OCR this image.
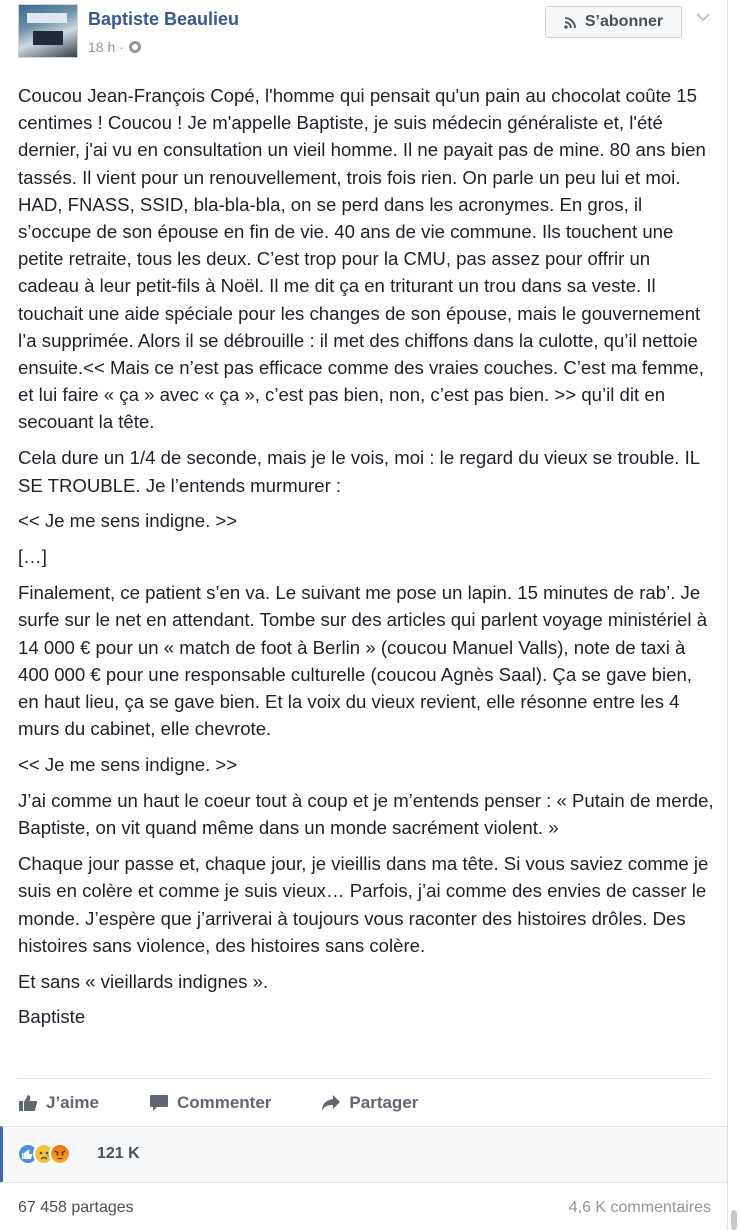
Baptiste Beaulieu
18 h ·
S’abonner

Coucou Jean-François Copé, l'homme qui pensait qu'un pain au chocolat coûte 15 centimes ! Coucou ! Je m'appelle Baptiste, je suis médecin généraliste et, l'été dernier, j'ai vu en consultation un vieil homme. Il ne payait pas de mine. 80 ans bien tassés. Il vient pour un renouvellement, trois fois rien. On parle un peu lui et moi. HAD, FNASS, SSID, bla-bla-bla, on se perd dans les acronymes. En gros, il s’occupe de son épouse en fin de vie. 40 ans de vie commune. Ils touchent une petite retraite, tous les deux. C’est trop pour la CMU, pas assez pour offrir un cadeau à leur petit-fils à Noël. Il me dit ça en triturant un trou dans sa veste. Il touchait une aide spéciale pour les changes de son épouse, mais le gouvernement l’a supprimée. Alors il se débrouille : il met des chiffons dans la culotte, qu’il nettoie ensuite.<< Mais ce n’est pas efficace comme des vraies couches. C’est ma femme, et lui faire « ça » avec « ça », c’est pas bien, non, c’est pas bien. >> qu’il dit en secouant la tête.

Cela dure un 1/4 de seconde, mais je le vois, moi : le regard du vieux se trouble. IL SE TROUBLE. Je l’entends murmurer :

<< Je me sens indigne. >>

[…]

Finalement, ce patient s’en va. Le suivant me pose un lapin. 15 minutes de rab’. Je surfe sur le net en attendant. Tombe sur des articles qui parlent voyage ministériel à 14 000 € pour un « match de foot à Berlin » (coucou Manuel Valls), note de taxi à 400 000 € pour une responsable culturelle (coucou Agnès Saal). Ça se gave bien, en haut lieu, ça se gave bien. Et la voix du vieux revient, elle résonne entre les 4 murs du cabinet, elle chevrote.

<< Je me sens indigne. >>

J’ai comme un haut le coeur tout à coup et je m’entends penser : « Putain de merde, Baptiste, on vit quand même dans un monde sacrément violent. »

Chaque jour passe et, chaque jour, je vieillis dans ma tête. Si vous saviez comme je suis en colère et comme je suis vieux… Parfois, j’ai comme des envies de casser le monde. J’espère que j’arriverai à toujours vous raconter des histoires drôles. Des histoires sans violence, des histoires sans colère.

Et sans « vieillards indignes ».

Baptiste

J’aime	Commenter	Partager
121 K
67 458 partages	4,6 K commentaires
